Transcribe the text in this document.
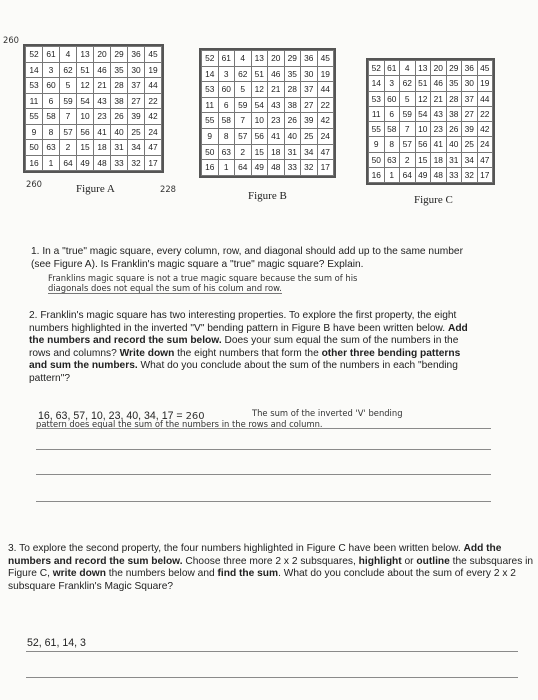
260
52	61	4	13	20	29	36	45
14	3	62	51	46	35	30	19
53	60	5	12	21	28	37	44
11	6	59	54	43	38	27	22
55	58	7	10	23	26	39	42
9	8	57	56	41	40	25	24
50	63	2	15	18	31	34	47
16	1	64	49	48	33	32	17
260	Figure A	228
52	61	4	13	20	29	36	45
14	3	62	51	46	35	30	19
53	60	5	12	21	28	37	44
11	6	59	54	43	38	27	22
55	58	7	10	23	26	39	42
9	8	57	56	41	40	25	24
50	63	2	15	18	31	34	47
16	1	64	49	48	33	32	17
Figure B
52	61	4	13	20	29	36	45
14	3	62	51	46	35	30	19
53	60	5	12	21	28	37	44
11	6	59	54	43	38	27	22
55	58	7	10	23	26	39	42
9	8	57	56	41	40	25	24
50	63	2	15	18	31	34	47
16	1	64	49	48	33	32	17
Figure C
1. In a "true" magic square, every column, row, and diagonal should add up to the same number (see Figure A). Is Franklin's magic square a "true" magic square? Explain.
Franklins magic square is not a true magic square because the sum of his
diagonals does not equal the sum of his colum and row.
2. Franklin's magic square has two interesting properties. To explore the first property, the eight numbers highlighted in the inverted "V" bending pattern in Figure B have been written below. Add the numbers and record the sum below. Does your sum equal the sum of the numbers in the rows and columns? Write down the eight numbers that form the other three bending patterns and sum the numbers. What do you conclude about the sum of the numbers in each "bending pattern"?
16, 63, 57, 10, 23, 40, 34, 17 = 260	The sum of the inverted 'V' bending
pattern does equal the sum of the numbers in the rows and column.
3. To explore the second property, the four numbers highlighted in Figure C have been written below. Add the numbers and record the sum below. Choose three more 2 x 2 subsquares, highlight or outline the subsquares in Figure C, write down the numbers below and find the sum. What do you conclude about the sum of every 2 x 2 subsquare Franklin's Magic Square?
52, 61, 14, 3
